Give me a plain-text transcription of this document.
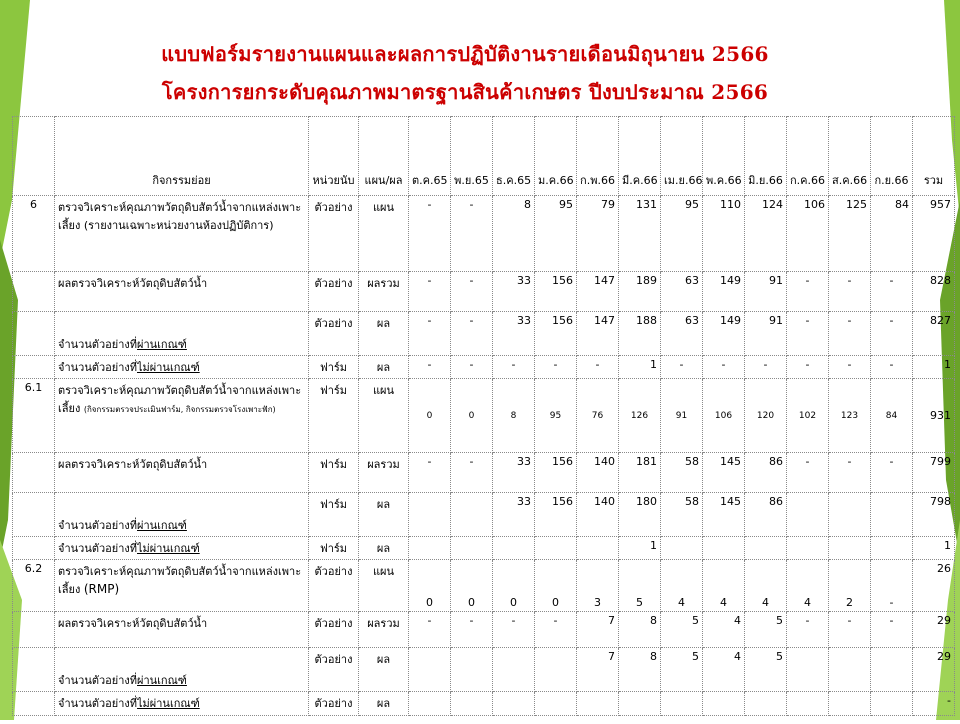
แบบฟอร์มรายงานแผนและผลการปฏิบัติงานรายเดือนมิถุนายน 2566
โครงการยกระดับคุณภาพมาตรฐานสินค้าเกษตร ปีงบประมาณ 2566
	กิจกรรมย่อย	หน่วยนับ	แผน/ผล	ต.ค.65	พ.ย.65	ธ.ค.65	ม.ค.66	ก.พ.66	มี.ค.66	เม.ย.66	พ.ค.66	มิ.ย.66	ก.ค.66	ส.ค.66	ก.ย.66	รวม
6	ตรวจวิเคราะห์คุณภาพวัตถุดิบสัตว์น้ำจากแหล่งเพาะเลี้ยง (รายงานเฉพาะหน่วยงานห้องปฏิบัติการ)	ตัวอย่าง	แผน	-	-	8	95	79	131	95	110	124	106	125	84	957
	ผลตรวจวิเคราะห์วัตถุดิบสัตว์น้ำ	ตัวอย่าง	ผลรวม	-	-	33	156	147	189	63	149	91	-	-	-	828
	จำนวนตัวอย่างที่ผ่านเกณฑ์	ตัวอย่าง	ผล	-	-	33	156	147	188	63	149	91	-	-	-	827
	จำนวนตัวอย่างที่ไม่ผ่านเกณฑ์	ฟาร์ม	ผล	-	-	-	-	-	1	-	-	-	-	-	-	1
6.1	ตรวจวิเคราะห์คุณภาพวัตถุดิบสัตว์น้ำจากแหล่งเพาะเลี้ยง (กิจกรรมตรวจประเมินฟาร์ม, กิจกรรมตรวจโรงเพาะฟัก)	ฟาร์ม	แผน	0	0	8	95	76	126	91	106	120	102	123	84	931
	ผลตรวจวิเคราะห์วัตถุดิบสัตว์น้ำ	ฟาร์ม	ผลรวม	-	-	33	156	140	181	58	145	86	-	-	-	799
	จำนวนตัวอย่างที่ผ่านเกณฑ์	ฟาร์ม	ผล			33	156	140	180	58	145	86				798
	จำนวนตัวอย่างที่ไม่ผ่านเกณฑ์	ฟาร์ม	ผล						1							1
6.2	ตรวจวิเคราะห์คุณภาพวัตถุดิบสัตว์น้ำจากแหล่งเพาะเลี้ยง (RMP)	ตัวอย่าง	แผน	0	0	0	0	3	5	4	4	4	4	2	-	26
	ผลตรวจวิเคราะห์วัตถุดิบสัตว์น้ำ	ตัวอย่าง	ผลรวม	-	-	-	-	7	8	5	4	5	-	-	-	29
	จำนวนตัวอย่างที่ผ่านเกณฑ์	ตัวอย่าง	ผล					7	8	5	4	5				29
	จำนวนตัวอย่างที่ไม่ผ่านเกณฑ์	ตัวอย่าง	ผล													-
